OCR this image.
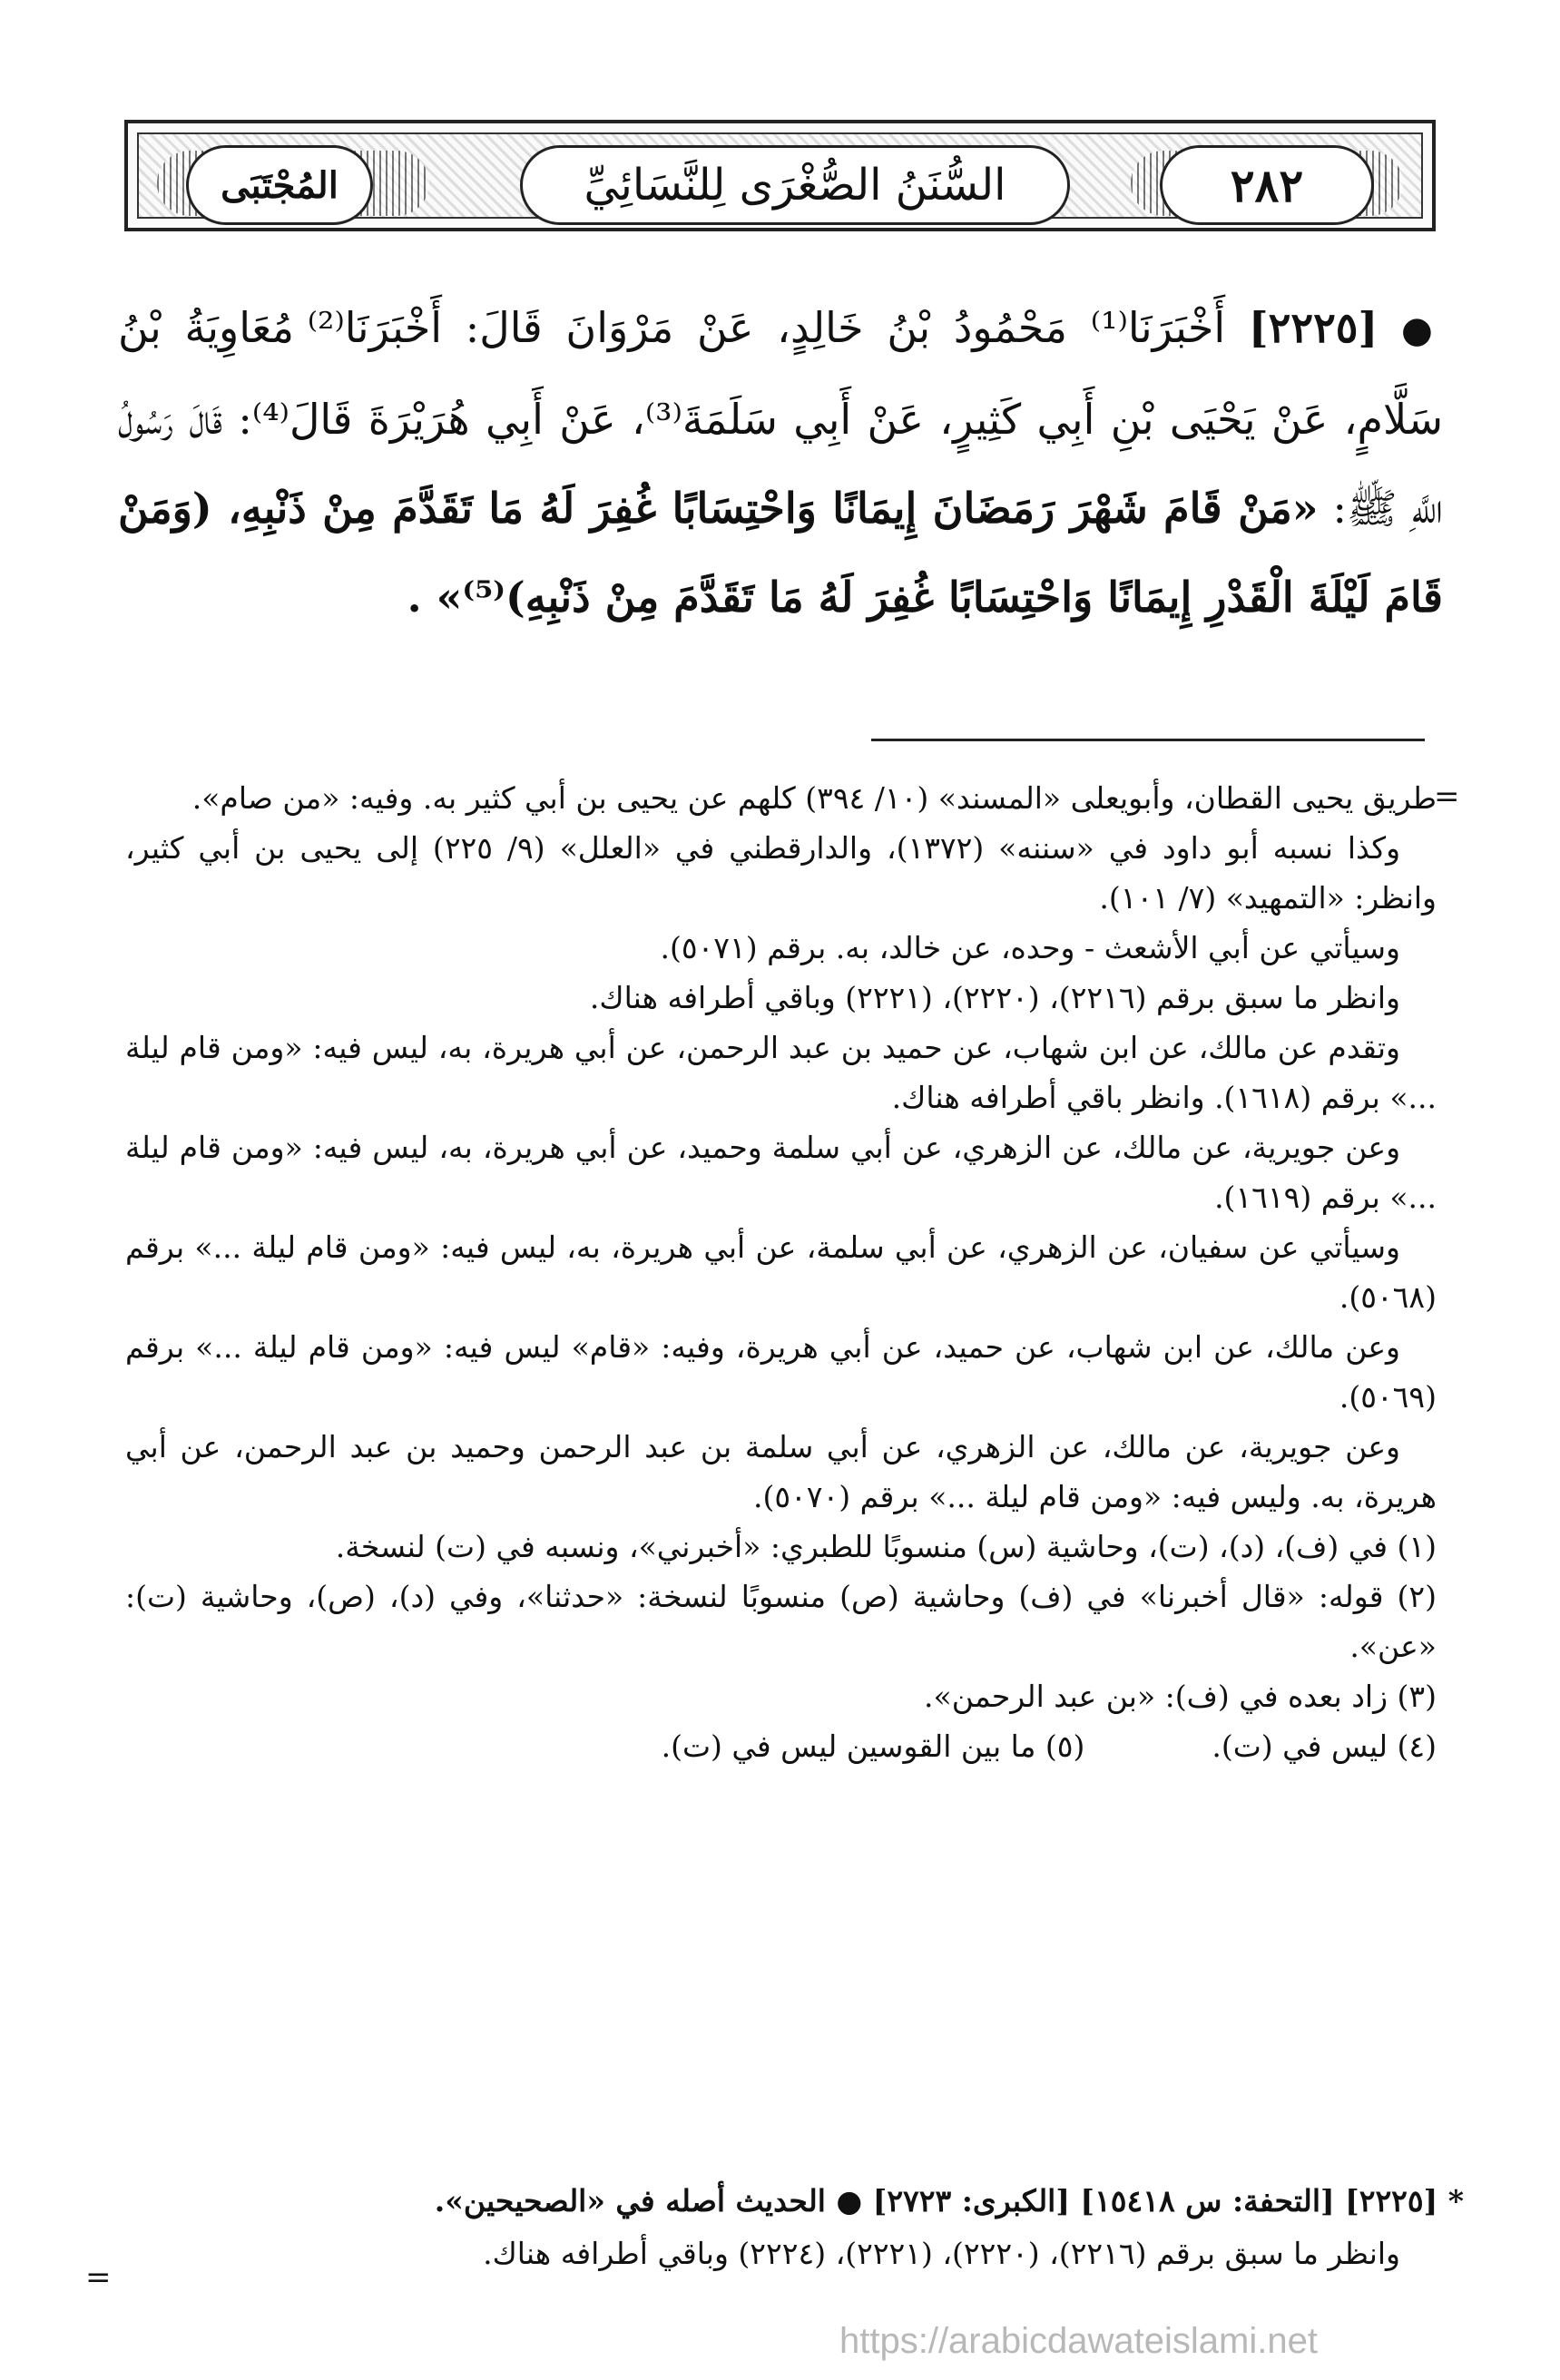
٢٨٢
السُّنَنُ الصُّغْرَى لِلنَّسَائِيِّ
المُجْتَبَى
● [٢٢٢٥] أَخْبَرَنَا⁽¹⁾ مَحْمُودُ بْنُ خَالِدٍ، عَنْ مَرْوَانَ قَالَ: أَخْبَرَنَا⁽²⁾ مُعَاوِيَةُ بْنُ سَلَّامٍ، عَنْ يَحْيَى بْنِ أَبِي كَثِيرٍ، عَنْ أَبِي سَلَمَةَ⁽³⁾، عَنْ أَبِي هُرَيْرَةَ قَالَ⁽⁴⁾: قَالَ رَسُولُ اللَّهِ ﷺ: «مَنْ قَامَ شَهْرَ رَمَضَانَ إِيمَانًا وَاحْتِسَابًا غُفِرَ لَهُ مَا تَقَدَّمَ مِنْ ذَنْبِهِ، (وَمَنْ قَامَ لَيْلَةَ الْقَدْرِ إِيمَانًا وَاحْتِسَابًا غُفِرَ لَهُ مَا تَقَدَّمَ مِنْ ذَنْبِهِ)⁽⁵⁾» .
=

طريق يحيى القطان، وأبويعلى «المسند» (١٠/ ٣٩٤) كلهم عن يحيى بن أبي كثير به. وفيه: «من صام».

وكذا نسبه أبو داود في «سننه» (١٣٧٢)، والدارقطني في «العلل» (٩/ ٢٢٥) إلى يحيى بن أبي كثير، وانظر: «التمهيد» (٧/ ١٠١).

وسيأتي عن أبي الأشعث - وحده، عن خالد، به. برقم (٥٠٧١).

وانظر ما سبق برقم (٢٢١٦)، (٢٢٢٠)، (٢٢٢١) وباقي أطرافه هناك.

وتقدم عن مالك، عن ابن شهاب، عن حميد بن عبد الرحمن، عن أبي هريرة، به، ليس فيه: «ومن قام ليلة ...» برقم (١٦١٨). وانظر باقي أطرافه هناك.

وعن جويرية، عن مالك، عن الزهري، عن أبي سلمة وحميد، عن أبي هريرة، به، ليس فيه: «ومن قام ليلة ...» برقم (١٦١٩).

وسيأتي عن سفيان، عن الزهري، عن أبي سلمة، عن أبي هريرة، به، ليس فيه: «ومن قام ليلة ...» برقم (٥٠٦٨).

وعن مالك، عن ابن شهاب، عن حميد، عن أبي هريرة، وفيه: «قام» ليس فيه: «ومن قام ليلة ...» برقم (٥٠٦٩).

وعن جويرية، عن مالك، عن الزهري، عن أبي سلمة بن عبد الرحمن وحميد بن عبد الرحمن، عن أبي هريرة، به. وليس فيه: «ومن قام ليلة ...» برقم (٥٠٧٠).

(١) في (ف)، (د)، (ت)، وحاشية (س) منسوبًا للطبري: «أخبرني»، ونسبه في (ت) لنسخة.

(٢) قوله: «قال أخبرنا» في (ف) وحاشية (ص) منسوبًا لنسخة: «حدثنا»، وفي (د)، (ص)، وحاشية (ت): «عن».

(٣) زاد بعده في (ف): «بن عبد الرحمن».

(٤) ليس في (ت).
(٥) ما بين القوسين ليس في (ت).
* [٢٢٢٥] [التحفة: س ١٥٤١٨] [الكبرى: ٢٧٢٣] ● الحديث أصله في «الصحيحين».
وانظر ما سبق برقم (٢٢١٦)، (٢٢٢٠)، (٢٢٢١)، (٢٢٢٤) وباقي أطرافه هناك.
=
https://arabicdawateislami.net
